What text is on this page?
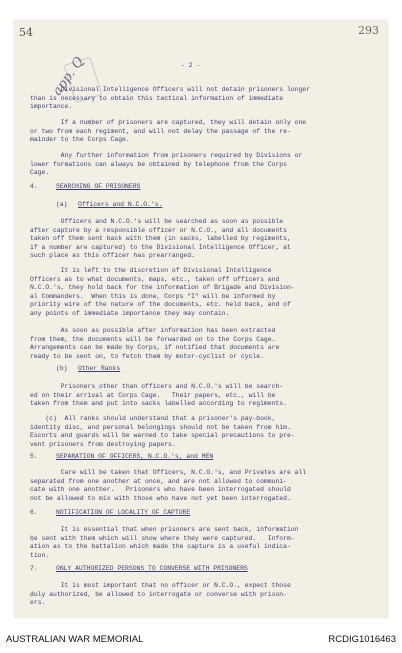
54	293
app. Q	- 2 -
Divisional Intelligence Officers will not detain prisoners longer
than is necessary to obtain this tactical information of immediate
importance.
If a number of prisoners are captured, they will detain only one
or two from each regiment, and will not delay the passage of the re-
mainder to the Corps Cage.
Any further information from prisoners required by Divisions or
lower formations can always be obtained by telephone from the Corps
Cage.
4.	SEARCHING OF PRISONERS
(a) Officers and N.C.O.'s.
Officers and N.C.O.'s will be searched as soon as possible
after capture by a responsible officer or N.C.O., and all documents
taken off them sent back with them (in sacks, labelled by regiments,
if a number are captured) to the Divisional Intelligence Officer, at
such place as this officer has prearranged.
It is left to the discretion of Divisional Intelligence
Officers as to what documents, maps, etc., taken off officers and
N.C.O.'s, they hold back for the information of Brigade and Division-
al Commanders.  When this is done, Corps "I" will be informed by
priority wire of the nature of the documents, etc. held back, and of
any points of immediate importance they may contain.
As soon as possible after information has been extracted
from them, the documents will be forwarded on to the Corps Cage.
Arrangements can be made by Corps, if notified that documents are
ready to be sent on, to fetch them by motor-cyclist or cycle.
(b) Other Ranks
Prisoners other than officers and N.C.O.'s will be search-
ed on their arrival at Corps Cage.   Their papers, etc., will be
taken from them and put into sacks labelled according to regiments.
(c)  All ranks should understand that a prisoner's pay-book,
identity disc, and personal belongings should not be taken from him.
Escorts and guards will be warned to take special precautions to pre-
vent prisoners from destroying papers.
5.	SEPARATION OF OFFICERS, N.C.O.'s, and MEN
Care will be taken that Officers, N.C.O.'s, and Privates are all
separated from one another at once, and are not allowed to communi-
cate with one another.   Prisoners who have been interrogated should
not be allowed to mix with those who have not yet been interrogated.
6.	NOTIFICATION OF LOCALITY OF CAPTURE
It is essential that when prisoners are sent back, information
be sent with them which will show where they were captured.   Inform-
ation as to the battalion which made the capture is a useful indica-
tion.
7.	ONLY AUTHORIZED PERSONS TO CONVERSE WITH PRISONERS
It is most important that no officer or N.C.O., expect those
duly authorized, be allowed to interrogate or converse with prison-
ers.
AUSTRALIAN WAR MEMORIAL	RCDIG1016463
